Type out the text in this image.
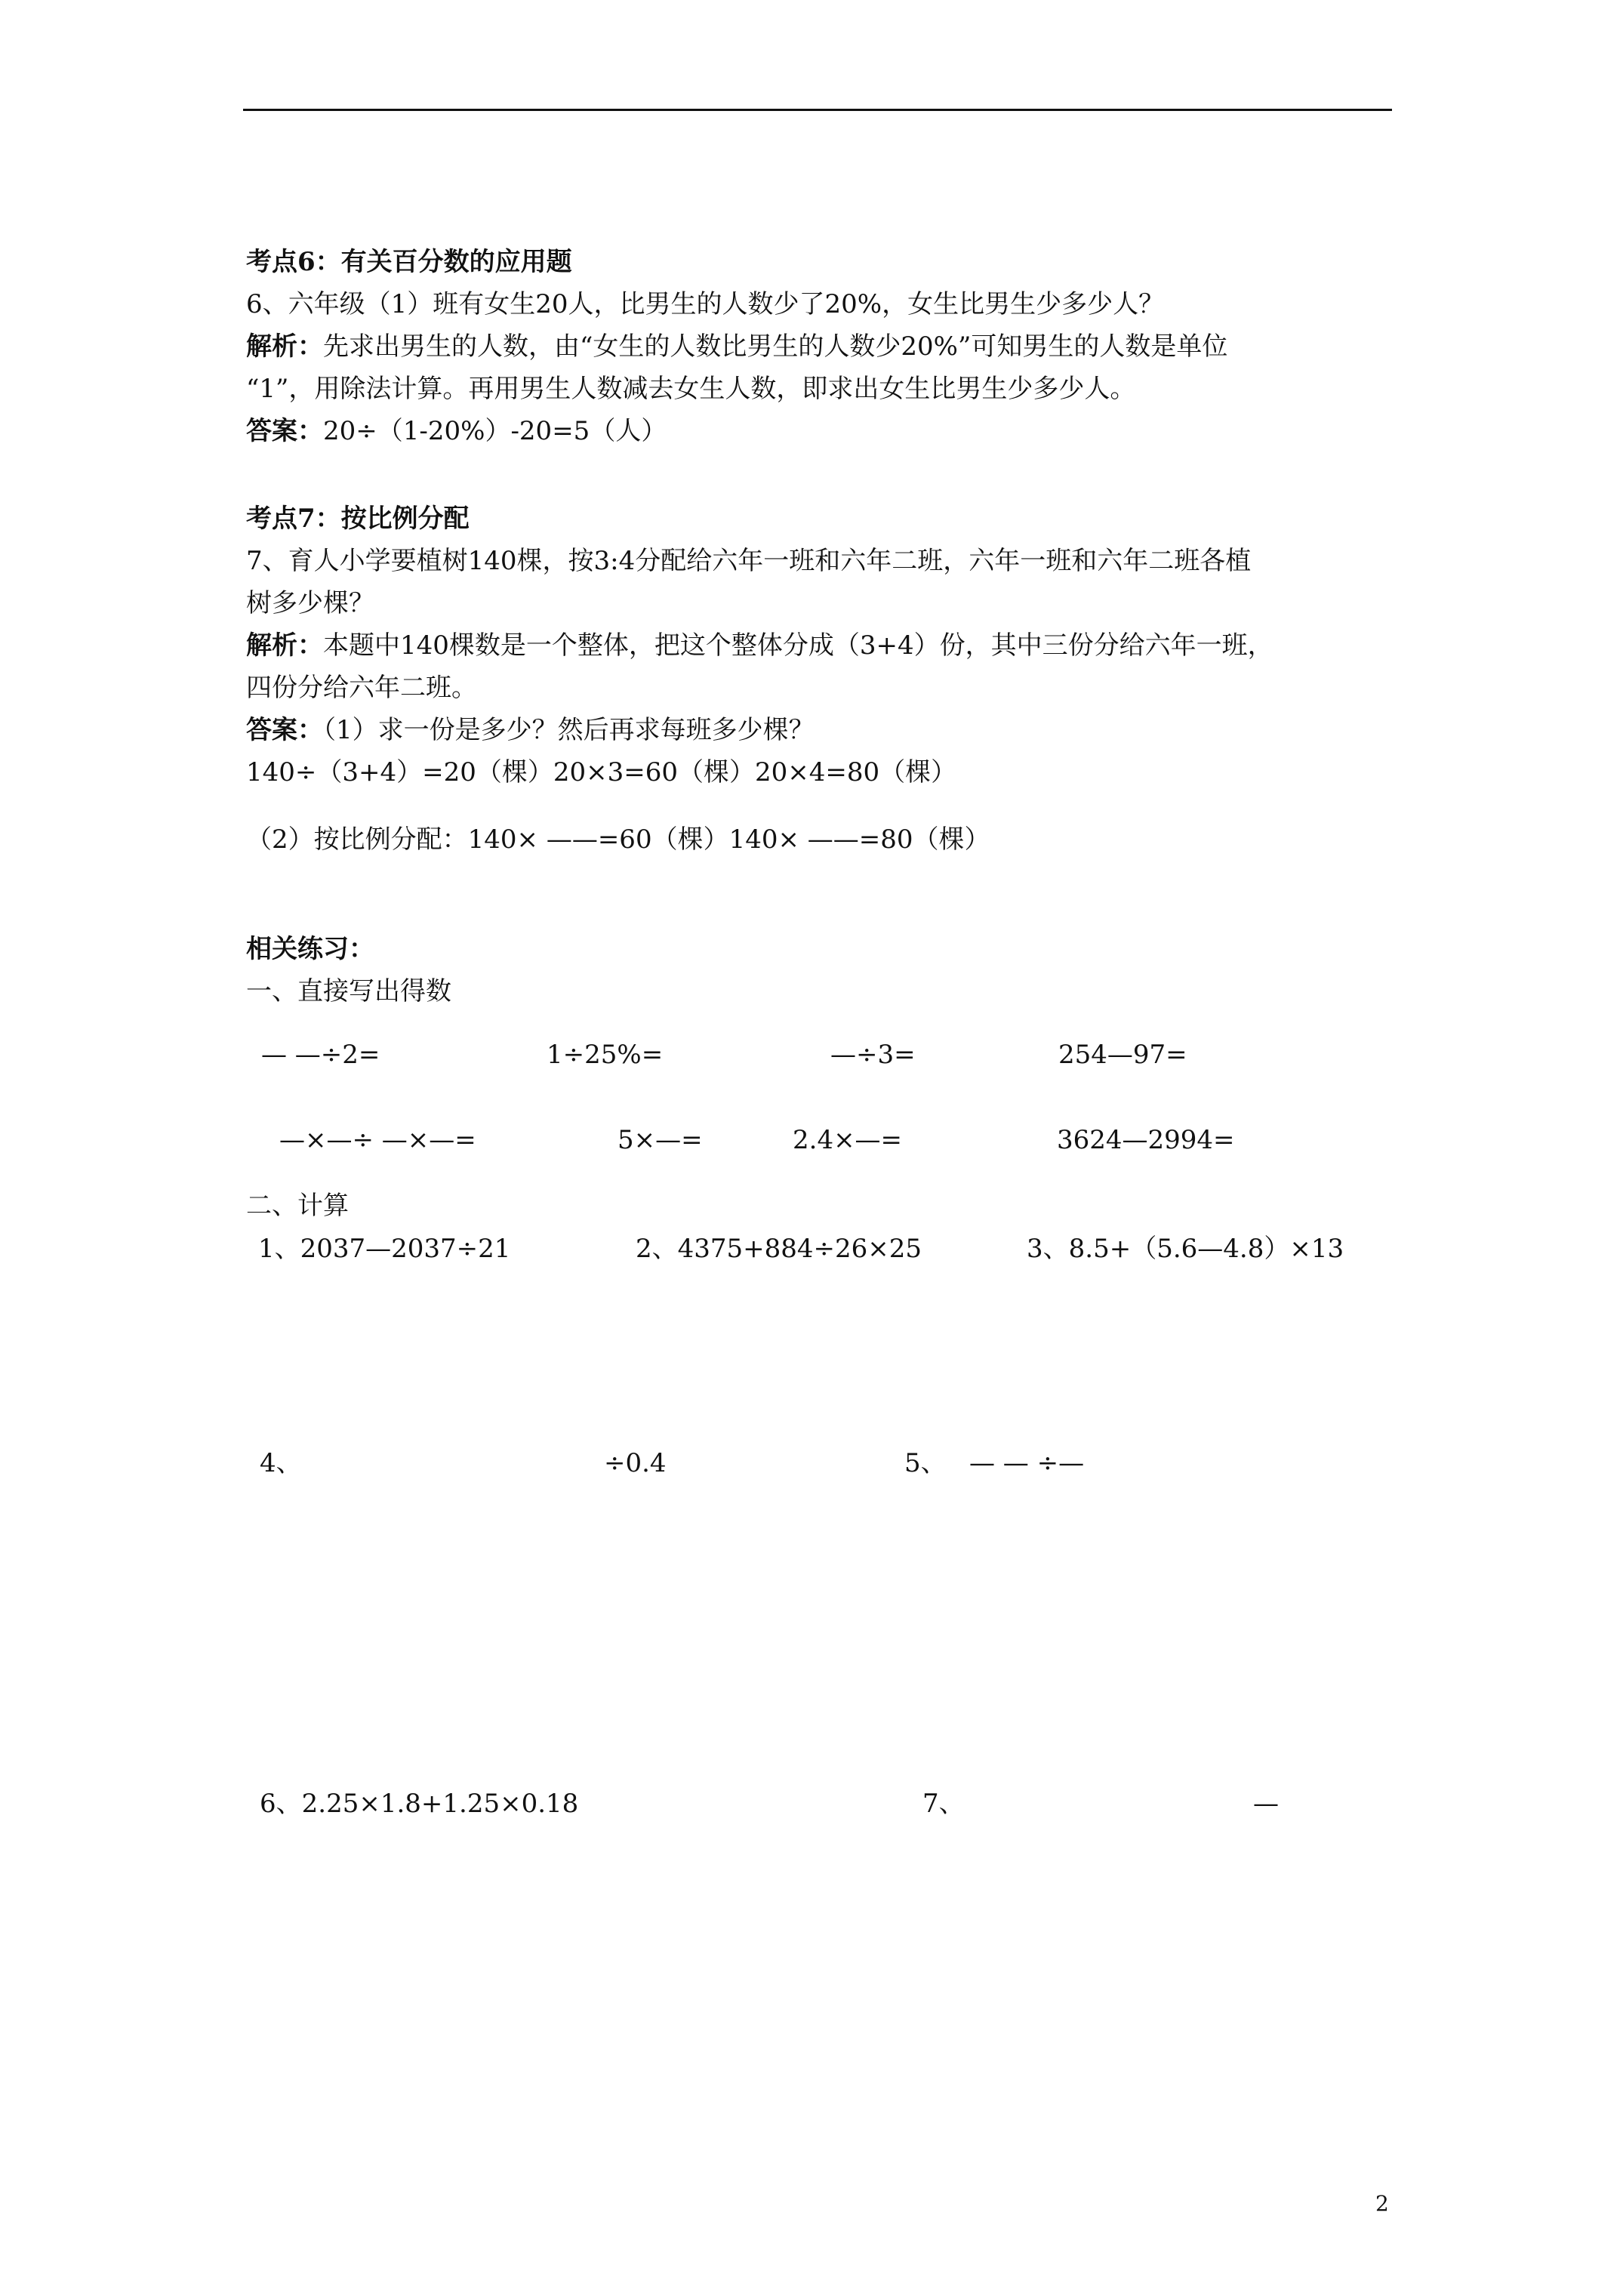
考点6：有关百分数的应用题
6、六年级（1）班有女生20人，比男生的人数少了20%，女生比男生少多少人？
解析：先求出男生的人数，由“女生的人数比男生的人数少20%”可知男生的人数是单位
“1”，用除法计算。再用男生人数减去女生人数，即求出女生比男生少多少人。
答案：20÷（1-20%）-20=5（人）
考点7：按比例分配
7、育人小学要植树140棵，按3:4分配给六年一班和六年二班，六年一班和六年二班各植
树多少棵？
解析：本题中140棵数是一个整体，把这个整体分成（3+4）份，其中三份分给六年一班，
四份分给六年二班。
答案：（1）求一份是多少？然后再求每班多少棵？
140÷（3+4）=20（棵）20×3=60（棵）20×4=80（棵）
（2）按比例分配：140× ——=60（棵）140× ——=80（棵）
相关练习：
一、直接写出得数
— —÷2=	1÷25%=	—÷3=	254—97=
—×—÷ —×—=	5×—=	2.4×—=	3624—2994=
二、计算
1、2037—2037÷21	2、4375+884÷26×25	3、8.5+（5.6—4.8）×13
4、	÷0.4	5、 — — ÷—
6、2.25×1.8+1.25×0.18	7、	—
2
